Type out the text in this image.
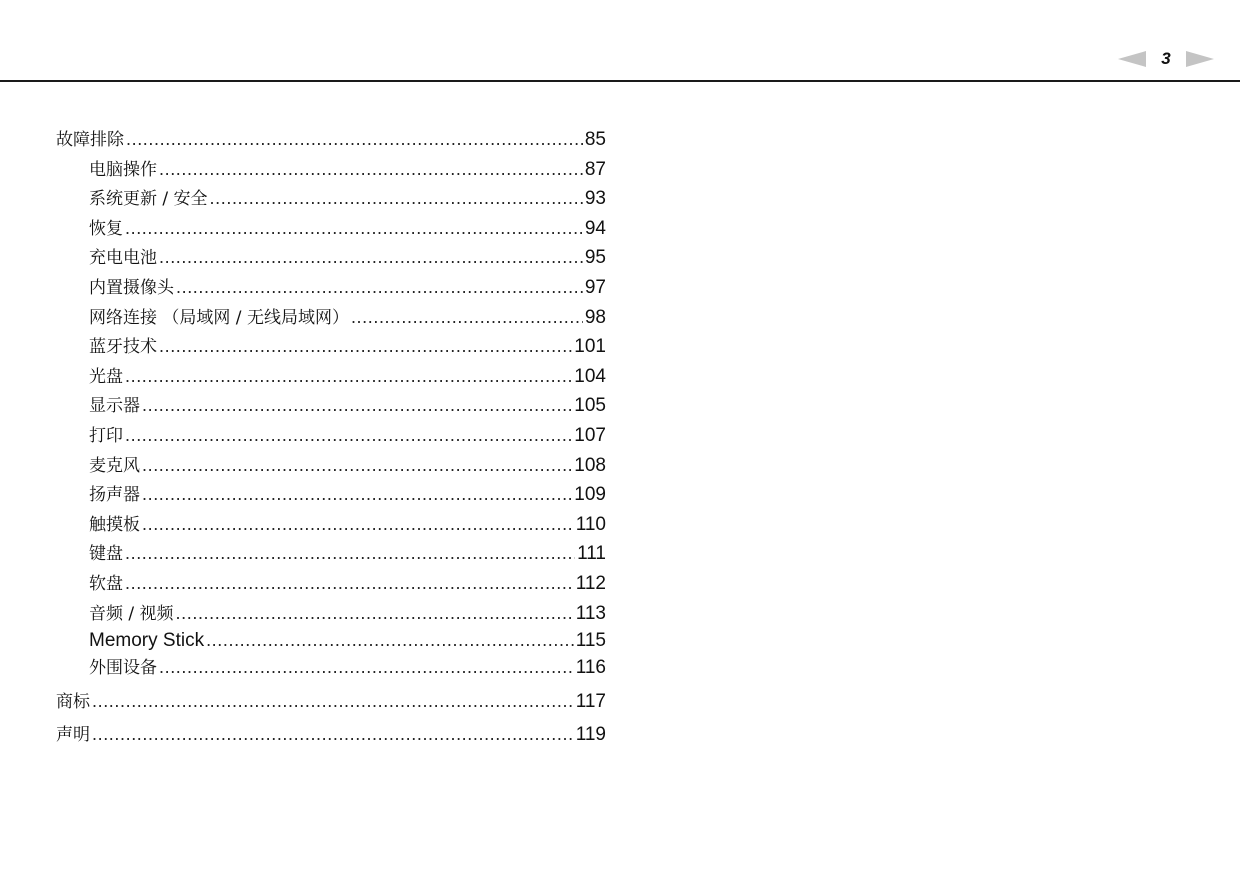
3
故障排除 .....	85
电脑操作 .....	87
系统更新 / 安全 .....	93
恢复 .....	94
充电电池 .....	95
内置摄像头 .....	97
网络连接 （局域网 / 无线局域网） .....	98
蓝牙技术 .....	101
光盘 .....	104
显示器 .....	105
打印 .....	107
麦克风 .....	108
扬声器 .....	109
触摸板 .....	110
键盘 .....	111
软盘 .....	112
音频 / 视频 .....	113
Memory Stick .....	115
外围设备 .....	116
商标 .....	117
声明 .....	119
